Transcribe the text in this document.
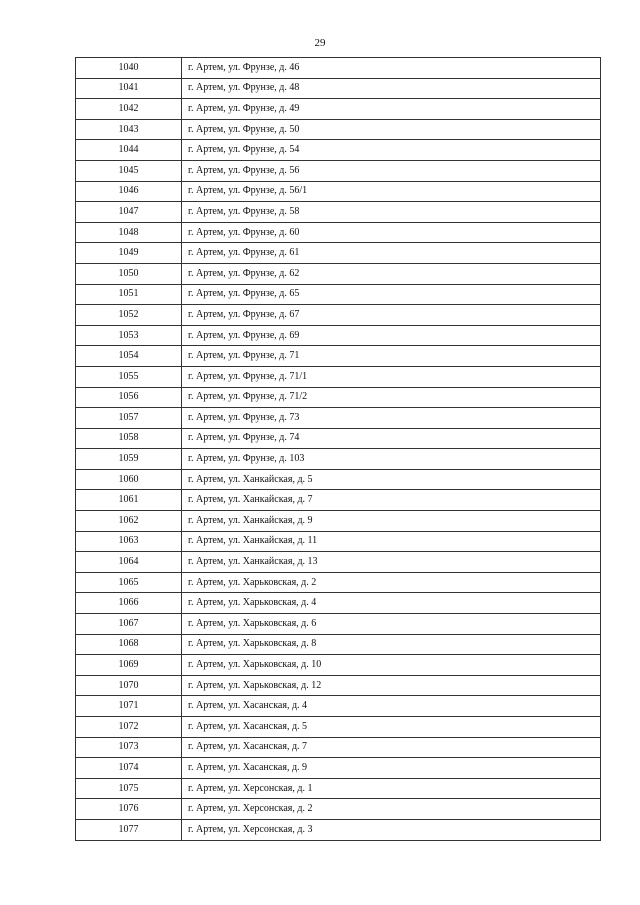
29
1040	г. Артем, ул. Фрунзе, д. 46
1041	г. Артем, ул. Фрунзе, д. 48
1042	г. Артем, ул. Фрунзе, д. 49
1043	г. Артем, ул. Фрунзе, д. 50
1044	г. Артем, ул. Фрунзе, д. 54
1045	г. Артем, ул. Фрунзе, д. 56
1046	г. Артем, ул. Фрунзе, д. 56/1
1047	г. Артем, ул. Фрунзе, д. 58
1048	г. Артем, ул. Фрунзе, д. 60
1049	г. Артем, ул. Фрунзе, д. 61
1050	г. Артем, ул. Фрунзе, д. 62
1051	г. Артем, ул. Фрунзе, д. 65
1052	г. Артем, ул. Фрунзе, д. 67
1053	г. Артем, ул. Фрунзе, д. 69
1054	г. Артем, ул. Фрунзе, д. 71
1055	г. Артем, ул. Фрунзе, д. 71/1
1056	г. Артем, ул. Фрунзе, д. 71/2
1057	г. Артем, ул. Фрунзе, д. 73
1058	г. Артем, ул. Фрунзе, д. 74
1059	г. Артем, ул. Фрунзе, д. 103
1060	г. Артем, ул. Ханкайская, д. 5
1061	г. Артем, ул. Ханкайская, д. 7
1062	г. Артем, ул. Ханкайская, д. 9
1063	г. Артем, ул. Ханкайская, д. 11
1064	г. Артем, ул. Ханкайская, д. 13
1065	г. Артем, ул. Харьковская, д. 2
1066	г. Артем, ул. Харьковская, д. 4
1067	г. Артем, ул. Харьковская, д. 6
1068	г. Артем, ул. Харьковская, д. 8
1069	г. Артем, ул. Харьковская, д. 10
1070	г. Артем, ул. Харьковская, д. 12
1071	г. Артем, ул. Хасанская, д. 4
1072	г. Артем, ул. Хасанская, д. 5
1073	г. Артем, ул. Хасанская, д. 7
1074	г. Артем, ул. Хасанская, д. 9
1075	г. Артем, ул. Херсонская, д. 1
1076	г. Артем, ул. Херсонская, д. 2
1077	г. Артем, ул. Херсонская, д. 3
